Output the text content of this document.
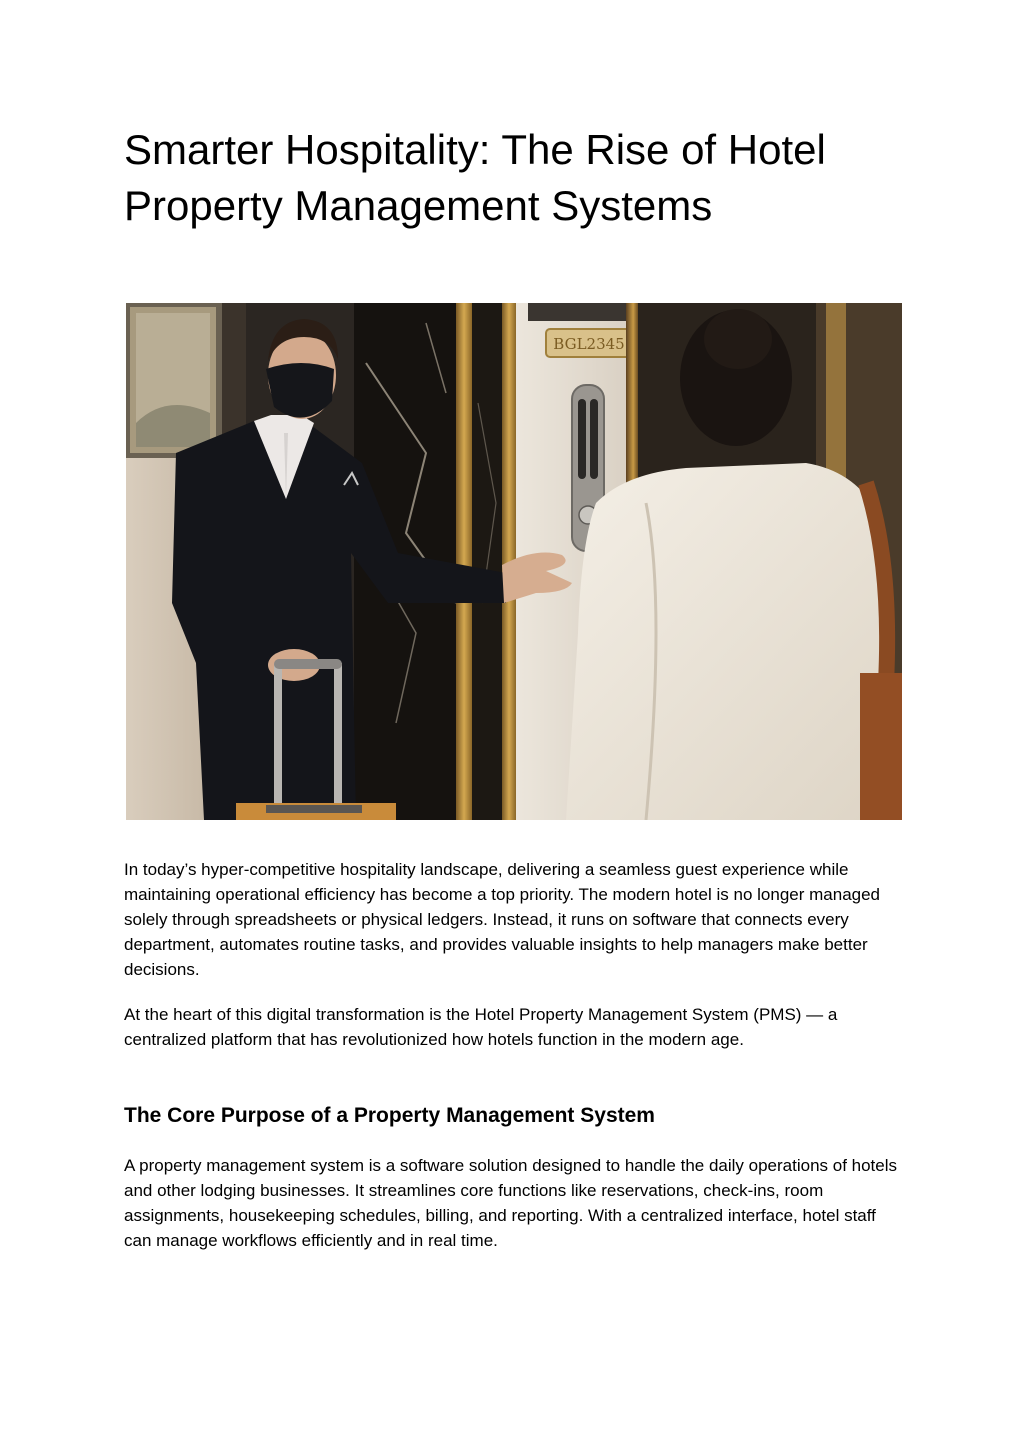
Smarter Hospitality: The Rise of Hotel Property Management Systems
BGL2345

In today’s hyper-competitive hospitality landscape, delivering a seamless guest experience while maintaining operational efficiency has become a top priority. The modern hotel is no longer managed solely through spreadsheets or physical ledgers. Instead, it runs on software that connects every department, automates routine tasks, and provides valuable insights to help managers make better decisions.

At the heart of this digital transformation is the Hotel Property Management System (PMS) — a centralized platform that has revolutionized how hotels function in the modern age.

The Core Purpose of a Property Management System

A property management system is a software solution designed to handle the daily operations of hotels and other lodging businesses. It streamlines core functions like reservations, check-ins, room assignments, housekeeping schedules, billing, and reporting. With a centralized interface, hotel staff can manage workflows efficiently and in real time.
